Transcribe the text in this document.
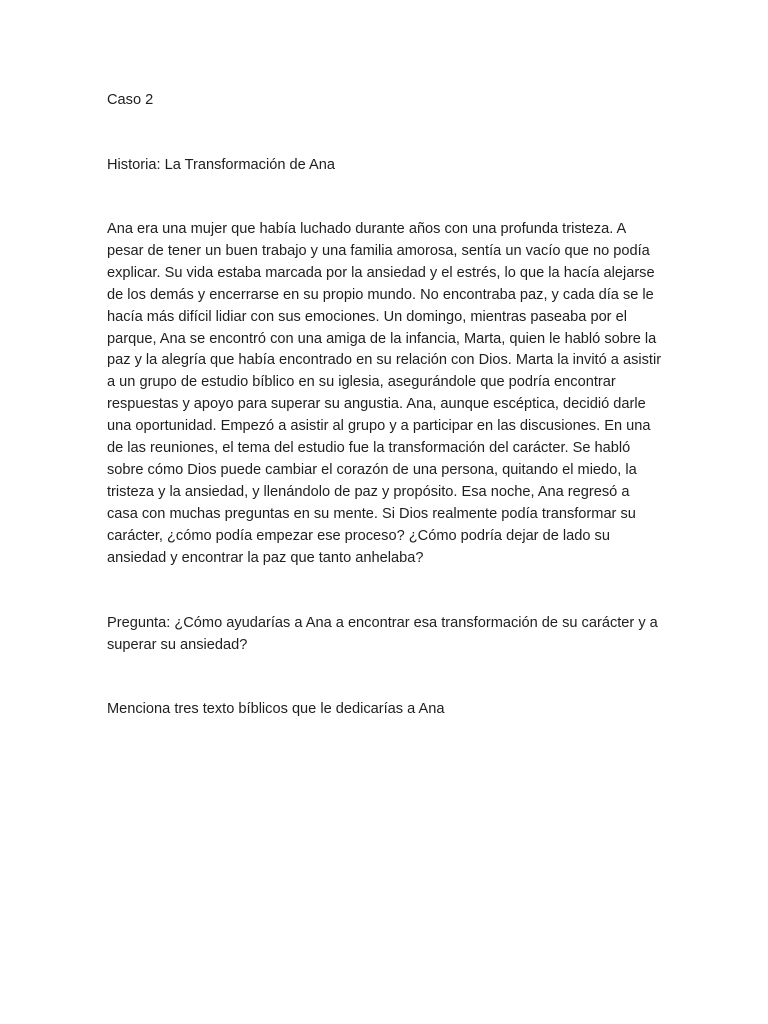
Caso 2

Historia: La Transformación de Ana

Ana era una mujer que había luchado durante años con una profunda tristeza. A pesar de tener un buen trabajo y una familia amorosa, sentía un vacío que no podía explicar. Su vida estaba marcada por la ansiedad y el estrés, lo que la hacía alejarse de los demás y encerrarse en su propio mundo. No encontraba paz, y cada día se le hacía más difícil lidiar con sus emociones. Un domingo, mientras paseaba por el parque, Ana se encontró con una amiga de la infancia, Marta, quien le habló sobre la paz y la alegría que había encontrado en su relación con Dios. Marta la invitó a asistir a un grupo de estudio bíblico en su iglesia, asegurándole que podría encontrar respuestas y apoyo para superar su angustia. Ana, aunque escéptica, decidió darle una oportunidad. Empezó a asistir al grupo y a participar en las discusiones. En una de las reuniones, el tema del estudio fue la transformación del carácter. Se habló sobre cómo Dios puede cambiar el corazón de una persona, quitando el miedo, la tristeza y la ansiedad, y llenándolo de paz y propósito. Esa noche, Ana regresó a casa con muchas preguntas en su mente. Si Dios realmente podía transformar su carácter, ¿cómo podía empezar ese proceso? ¿Cómo podría dejar de lado su ansiedad y encontrar la paz que tanto anhelaba?

Pregunta: ¿Cómo ayudarías a Ana a encontrar esa transformación de su carácter y a superar su ansiedad?

Menciona tres texto bíblicos que le dedicarías a Ana
